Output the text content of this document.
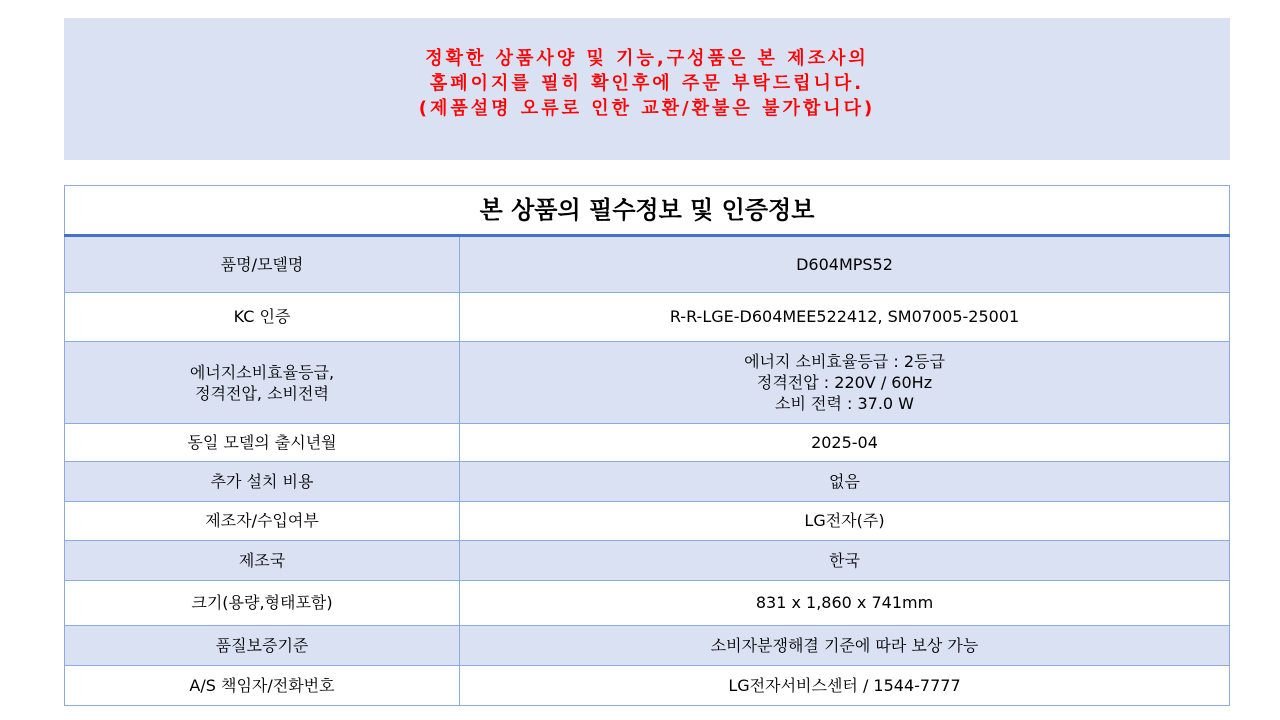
정확한 상품사양 및 기능,구성품은 본 제조사의
홈페이지를 필히 확인후에 주문 부탁드립니다.
(제품설명 오류로 인한 교환/환불은 불가합니다)
본 상품의 필수정보 및 인증정보	
품명/모델명	D604MPS52
KC 인증	R-R-LGE-D604MEE522412, SM07005-25001

에너지소비효율등급,
정격전압, 소비전력	에너지 소비효율등급 : 2등급
정격전압 : 220V / 60Hz
소비 전력 : 37.0 W

동일 모델의 출시년월	2025-04
추가 설치 비용	없음
제조자/수입여부	LG전자(주)
제조국	한국
크기(용량,형태포함)	831 x 1,860 x 741mm
품질보증기준	소비자분쟁해결 기준에 따라 보상 가능
A/S 책임자/전화번호	LG전자서비스센터 / 1544-7777
